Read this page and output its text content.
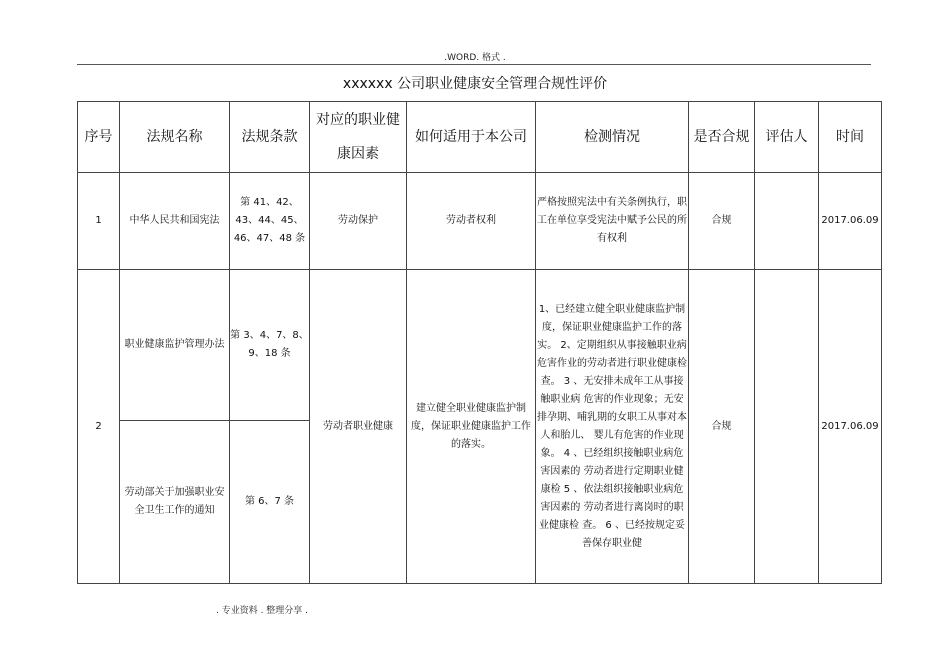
.WORD. 格式 .
xxxxxx 公司职业健康安全管理合规性评价
序号	法规名称	法规条款	对应的职业健康因素	如何适用于本公司	检测情况	是否合规	评估人	时间
1	中华人民共和国宪法	第 41、42、43、44、45、46、47、48 条	劳动保护	劳动者权利	严格按照宪法中有关条例执行，职工在单位享受宪法中赋予公民的所有权利	合规		2017.06.09
2	职业健康监护管理办法	第 3、4、7、8、9、18 条	劳动者职业健康	建立健全职业健康监护制度，保证职业健康监护工作的落实。	1、已经建立健全职业健康监护制度，保证职业健康监护工作的落实。 2、定期组织从事接触职业病危害作业的劳动者进行职业健康检查。 3 、无安排未成年工从事接触职业病 危害的作业现象；无安排孕期、哺乳期的女职工从事对本人和胎儿、 婴儿有危害的作业现象。 4 、已经组织接触职业病危害因素的 劳动者进行定期职业健康检 5 、依法组织接触职业病危害因素的 劳动者进行离岗时的职业健康检 查。 6 、已经按规定妥善保存职业健	合规		2017.06.09
	劳动部关于加强职业安全卫生工作的通知	第 6、7 条						
. 专业资料 . 整理分享 .
